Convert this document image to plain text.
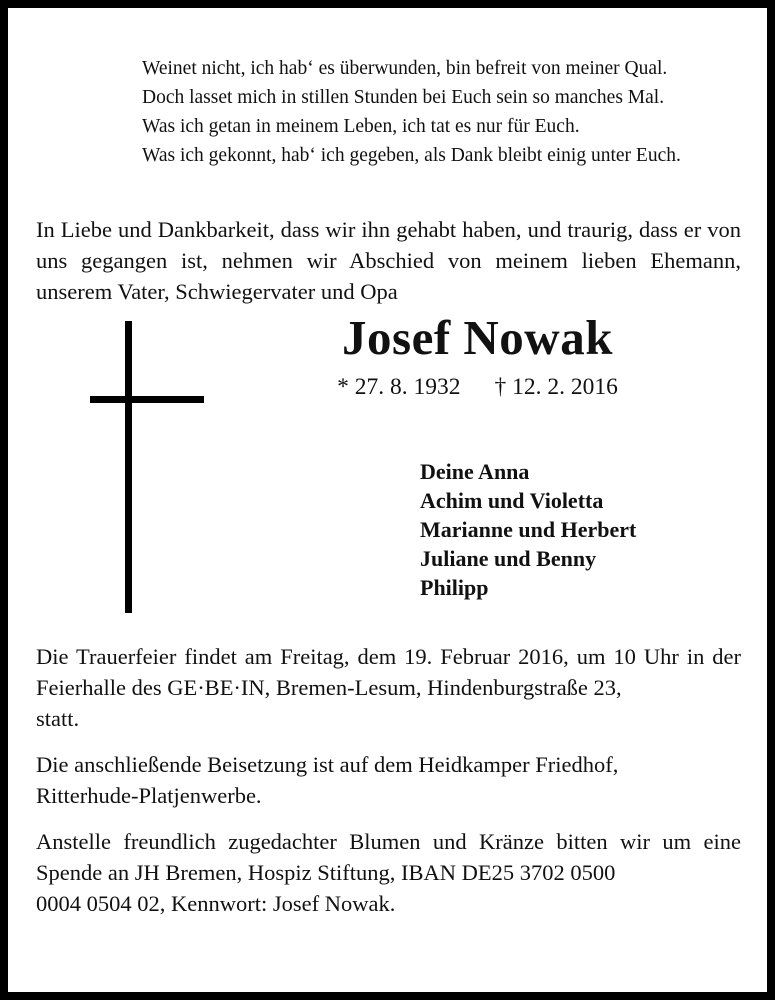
Weinet nicht, ich hab‘ es überwunden, bin befreit von meiner Qual.
Doch lasset mich in stillen Stunden bei Euch sein so manches Mal.
Was ich getan in meinem Leben, ich tat es nur für Euch.
Was ich gekonnt, hab‘ ich gegeben, als Dank bleibt einig unter Euch.
In Liebe und Dankbarkeit, dass wir ihn gehabt haben, und traurig, dass er von uns gegangen ist, nehmen wir Abschied von meinem lieben Ehemann, unserem Vater, Schwiegervater und Opa
Josef Nowak
* 27. 8. 1932 † 12. 2. 2016
Deine Anna
Achim und Violetta
Marianne und Herbert
Juliane und Benny
Philipp

Die Trauerfeier findet am Freitag, dem 19. Februar 2016, um 10 Uhr in der Feierhalle des GE·BE·IN, Bremen-Lesum, Hindenburgstraße 23,
statt.

Die anschließende Beisetzung ist auf dem Heidkamper Friedhof,
Ritterhude-Platjenwerbe.

Anstelle freundlich zugedachter Blumen und Kränze bitten wir um eine Spende an JH Bremen, Hospiz Stiftung, IBAN DE25 3702 0500
0004 0504 02, Kennwort: Josef Nowak.
